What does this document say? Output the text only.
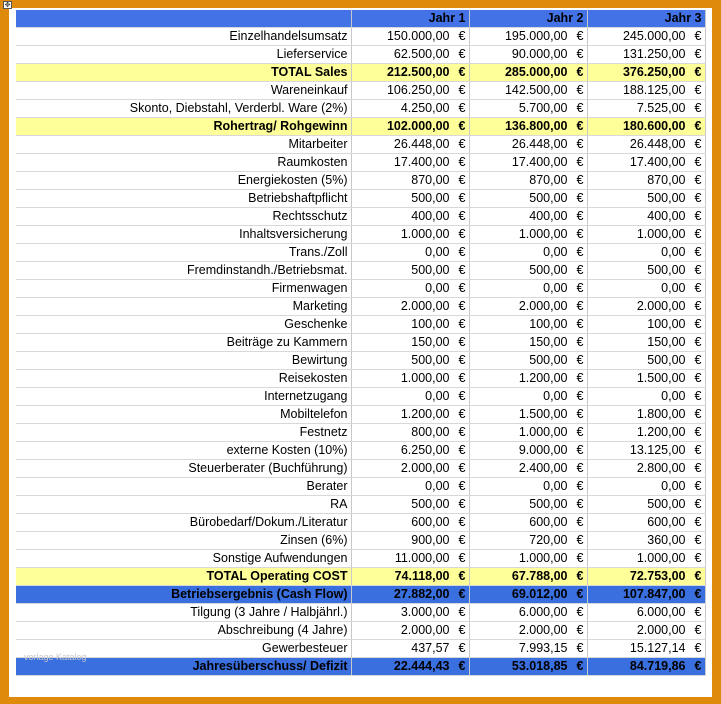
✥
	Jahr 1	Jahr 2	Jahr 3
Einzelhandelsumsatz	150.000,00 €	195.000,00 €	245.000,00 €
Lieferservice	62.500,00 €	90.000,00 €	131.250,00 €
TOTAL Sales	212.500,00 €	285.000,00 €	376.250,00 €
Wareneinkauf	106.250,00 €	142.500,00 €	188.125,00 €
Skonto, Diebstahl, Verderbl. Ware (2%)	4.250,00 €	5.700,00 €	7.525,00 €
Rohertrag/ Rohgewinn	102.000,00 €	136.800,00 €	180.600,00 €
Mitarbeiter	26.448,00 €	26.448,00 €	26.448,00 €
Raumkosten	17.400,00 €	17.400,00 €	17.400,00 €
Energiekosten (5%)	870,00 €	870,00 €	870,00 €
Betriebshaftpflicht	500,00 €	500,00 €	500,00 €
Rechtsschutz	400,00 €	400,00 €	400,00 €
Inhaltsversicherung	1.000,00 €	1.000,00 €	1.000,00 €
Trans./Zoll	0,00 €	0,00 €	0,00 €
Fremdinstandh./Betriebsmat.	500,00 €	500,00 €	500,00 €
Firmenwagen	0,00 €	0,00 €	0,00 €
Marketing	2.000,00 €	2.000,00 €	2.000,00 €
Geschenke	100,00 €	100,00 €	100,00 €
Beiträge zu Kammern	150,00 €	150,00 €	150,00 €
Bewirtung	500,00 €	500,00 €	500,00 €
Reisekosten	1.000,00 €	1.200,00 €	1.500,00 €
Internetzugang	0,00 €	0,00 €	0,00 €
Mobiltelefon	1.200,00 €	1.500,00 €	1.800,00 €
Festnetz	800,00 €	1.000,00 €	1.200,00 €
externe Kosten (10%)	6.250,00 €	9.000,00 €	13.125,00 €
Steuerberater (Buchführung)	2.000,00 €	2.400,00 €	2.800,00 €
Berater	0,00 €	0,00 €	0,00 €
RA	500,00 €	500,00 €	500,00 €
Bürobedarf/Dokum./Literatur	600,00 €	600,00 €	600,00 €
Zinsen (6%)	900,00 €	720,00 €	360,00 €
Sonstige Aufwendungen	11.000,00 €	1.000,00 €	1.000,00 €
TOTAL Operating COST	74.118,00 €	67.788,00 €	72.753,00 €
Betriebsergebnis (Cash Flow)	27.882,00 €	69.012,00 €	107.847,00 €
Tilgung (3 Jahre / Halbjährl.)	3.000,00 €	6.000,00 €	6.000,00 €
Abschreibung (4 Jahre)	2.000,00 €	2.000,00 €	2.000,00 €
Gewerbesteuer	437,57 €	7.993,15 €	15.127,14 €
Jahresüberschuss/ Defizit	22.444,43 €	53.018,85 €	84.719,86 €
vorlage Katalog
